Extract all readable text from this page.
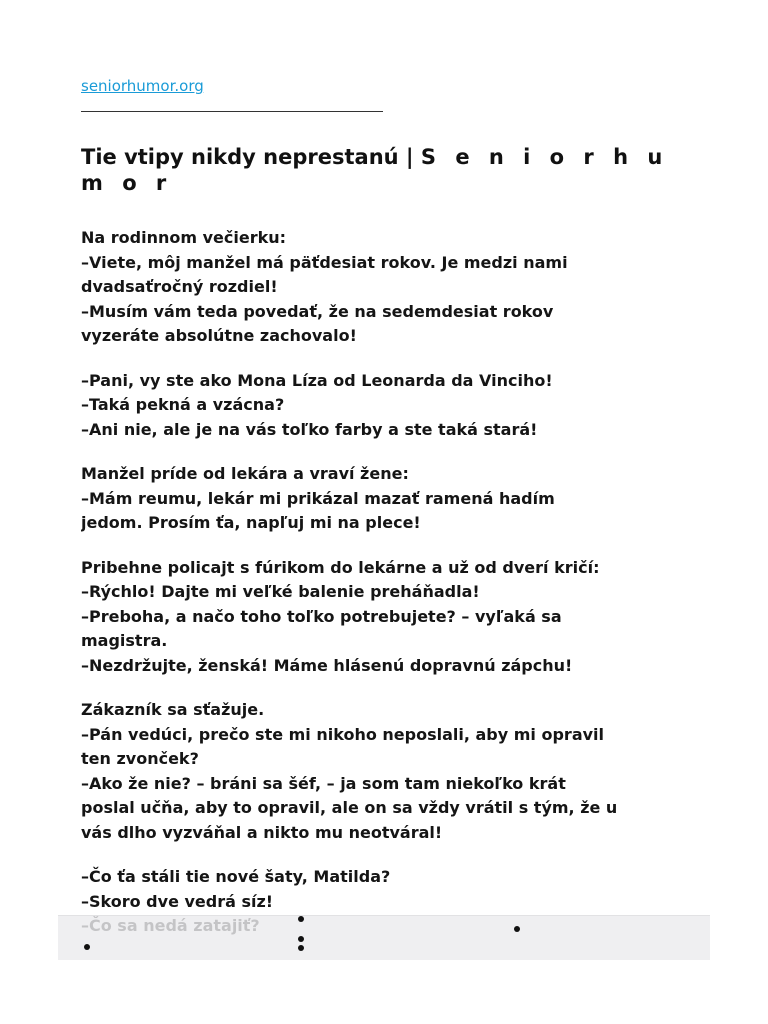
seniorhumor.org
Tie vtipy nikdy neprestanú | S e n i o r h u m o r

Na rodinnom večierku:
–Viete, môj manžel má päťdesiat rokov. Je medzi nami
dvadsaťročný rozdiel!
–Musím vám teda povedať, že na sedemdesiat rokov
vyzeráte absolútne zachovalo!

–Pani, vy ste ako Mona Líza od Leonarda da Vinciho!
–Taká pekná a vzácna?
–Ani nie, ale je na vás toľko farby a ste taká stará!

Manžel príde od lekára a vraví žene:
–Mám reumu, lekár mi prikázal mazať ramená hadím
jedom. Prosím ťa, napľuj mi na plece!

Pribehne policajt s fúrikom do lekárne a už od dverí kričí:
–Rýchlo! Dajte mi veľké balenie preháňadla!
–Preboha, a načo toho toľko potrebujete? – vyľaká sa
magistra.
–Nezdržujte, ženská! Máme hlásenú dopravnú zápchu!

Zákazník sa sťažuje.
–Pán vedúci, prečo ste mi nikoho neposlali, aby mi opravil
ten zvonček?
–Ako že nie? – bráni sa šéf, – ja som tam niekoľko krát
poslal učňa, aby to opravil, ale on sa vždy vrátil s tým, že u
vás dlho vyzváňal a nikto mu neotváral!

–Čo ťa stáli tie nové šaty, Matilda?
–Skoro dve vedrá síz!
